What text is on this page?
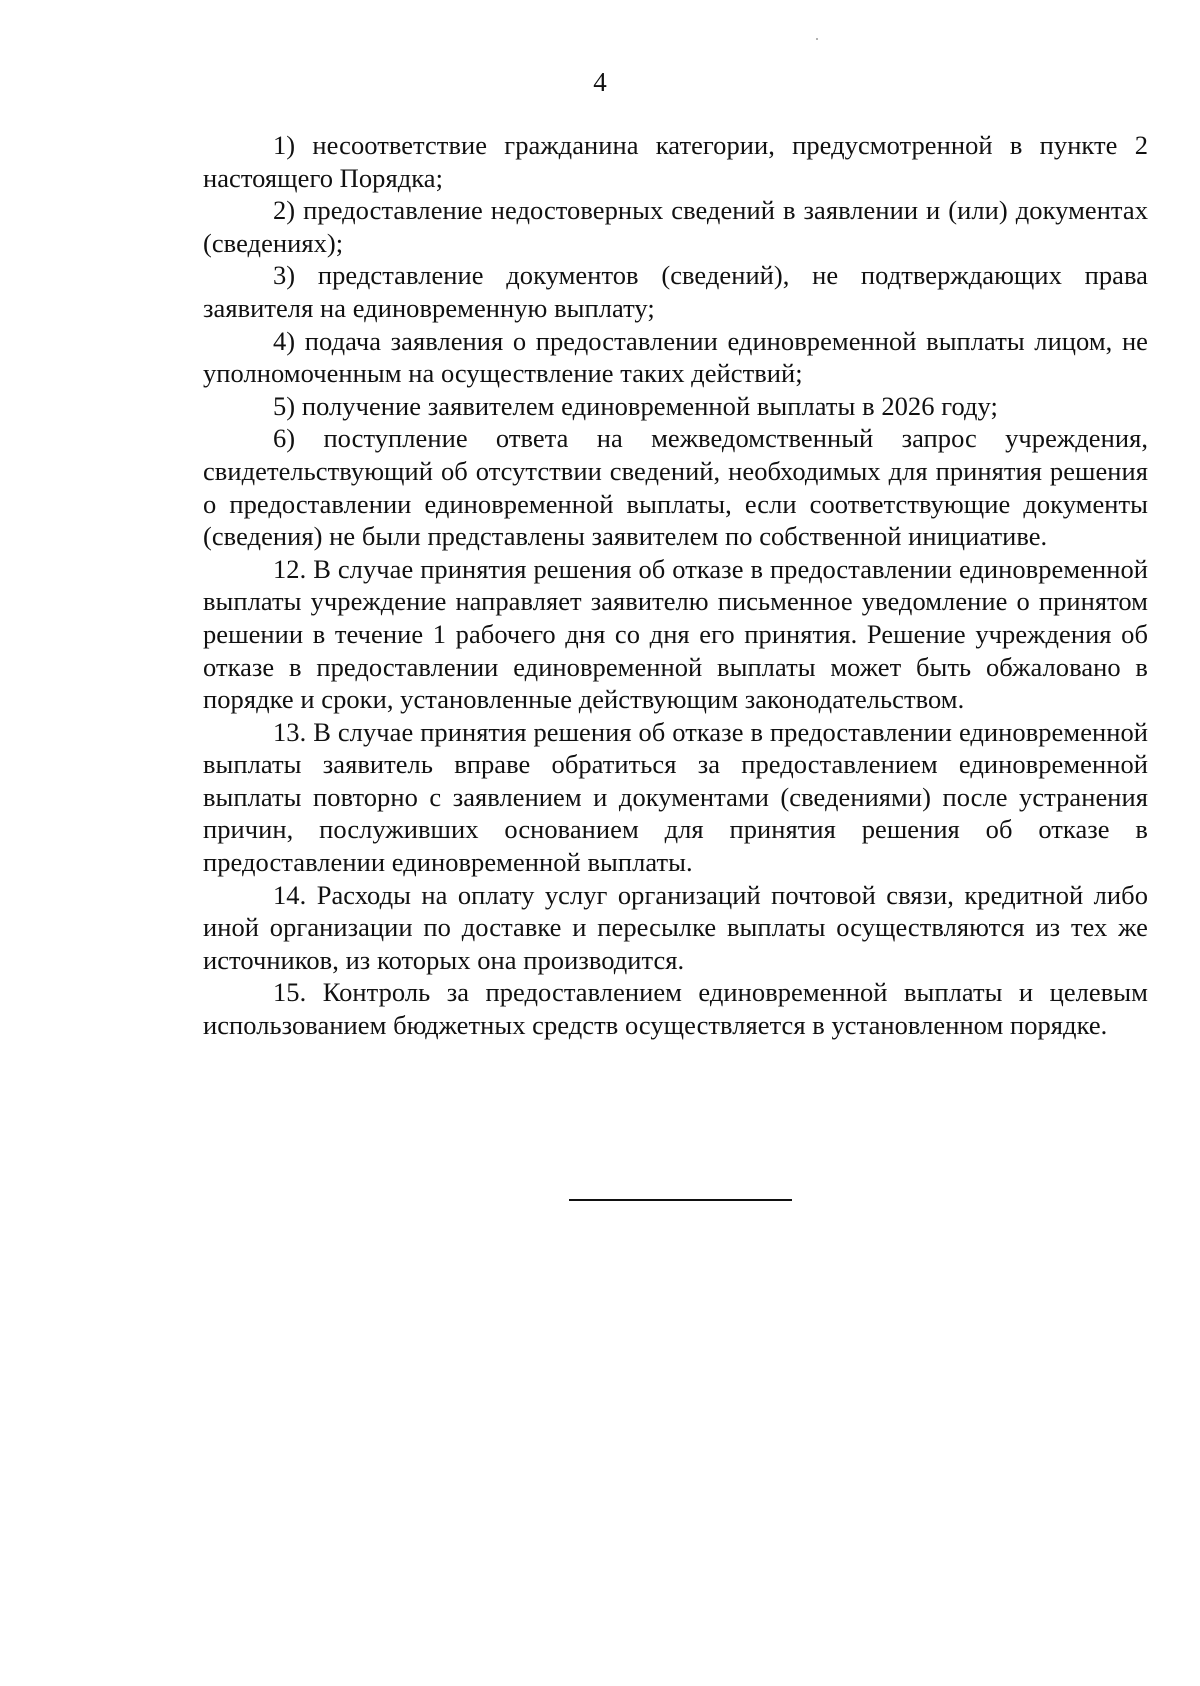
4

1) несоответствие гражданина категории, предусмотренной в пункте 2 настоящего Порядка;

2) предоставление недостоверных сведений в заявлении и (или) документах (сведениях);

3) представление документов (сведений), не подтверждающих права заявителя на единовременную выплату;

4) подача заявления о предоставлении единовременной выплаты лицом, не уполномоченным на осуществление таких действий;

5) получение заявителем единовременной выплаты в 2026 году;

6) поступление ответа на межведомственный запрос учреждения, свидетельствующий об отсутствии сведений, необходимых для принятия решения о предоставлении единовременной выплаты, если соответствующие документы (сведения) не были представлены заявителем по собственной инициативе.

12. В случае принятия решения об отказе в предоставлении единовременной выплаты учреждение направляет заявителю письменное уведомление о принятом решении в течение 1 рабочего дня со дня его принятия. Решение учреждения об отказе в предоставлении единовременной выплаты может быть обжаловано в порядке и сроки, установленные действующим законодательством.

13. В случае принятия решения об отказе в предоставлении единовременной выплаты заявитель вправе обратиться за предоставлением единовременной выплаты повторно с заявлением и документами (сведениями) после устранения причин, послуживших основанием для принятия решения об отказе в предоставлении единовременной выплаты.

14. Расходы на оплату услуг организаций почтовой связи, кредитной либо иной организации по доставке и пересылке выплаты осуществляются из тех же источников, из которых она производится.

15. Контроль за предоставлением единовременной выплаты и целевым использованием бюджетных средств осуществляется в установленном порядке.
